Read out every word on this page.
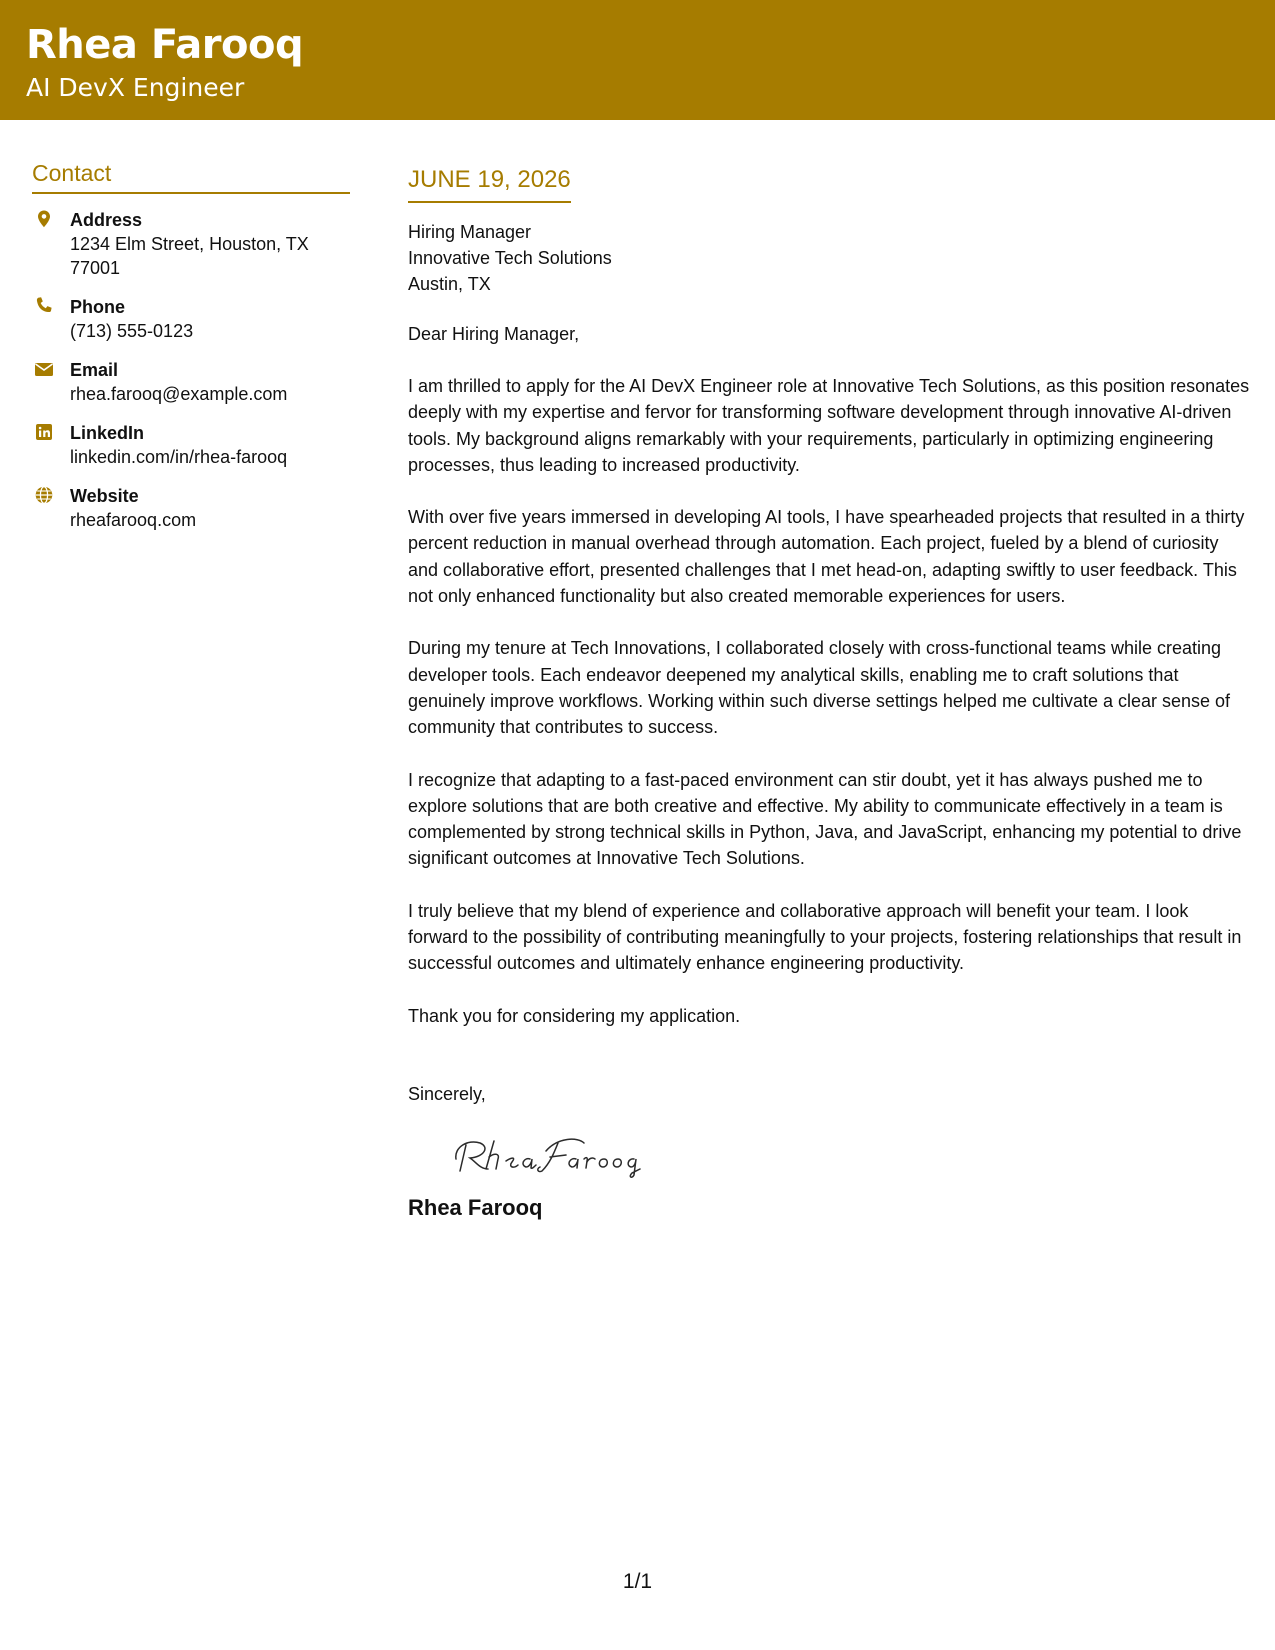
Rhea Farooq
AI DevX Engineer
Contact
Address
1234 Elm Street, Houston, TX 77001
Phone
(713) 555-0123
Email
rhea.farooq@example.com
LinkedIn
linkedin.com/in/rhea-farooq
Website
rheafarooq.com
JUNE 19, 2026
Hiring Manager
Innovative Tech Solutions
Austin, TX
Dear Hiring Manager,
I am thrilled to apply for the AI DevX Engineer role at Innovative Tech Solutions, as this position resonates deeply with my expertise and fervor for transforming software development through innovative AI-driven tools. My background aligns remarkably with your requirements, particularly in optimizing engineering processes, thus leading to increased productivity.
With over five years immersed in developing AI tools, I have spearheaded projects that resulted in a thirty percent reduction in manual overhead through automation. Each project, fueled by a blend of curiosity and collaborative effort, presented challenges that I met head-on, adapting swiftly to user feedback. This not only enhanced functionality but also created memorable experiences for users.
During my tenure at Tech Innovations, I collaborated closely with cross-functional teams while creating developer tools. Each endeavor deepened my analytical skills, enabling me to craft solutions that genuinely improve workflows. Working within such diverse settings helped me cultivate a clear sense of community that contributes to success.
I recognize that adapting to a fast-paced environment can stir doubt, yet it has always pushed me to explore solutions that are both creative and effective. My ability to communicate effectively in a team is complemented by strong technical skills in Python, Java, and JavaScript, enhancing my potential to drive significant outcomes at Innovative Tech Solutions.
I truly believe that my blend of experience and collaborative approach will benefit your team. I look forward to the possibility of contributing meaningfully to your projects, fostering relationships that result in successful outcomes and ultimately enhance engineering productivity.
Thank you for considering my application.
Sincerely,
Rhea Farooq
1/1
